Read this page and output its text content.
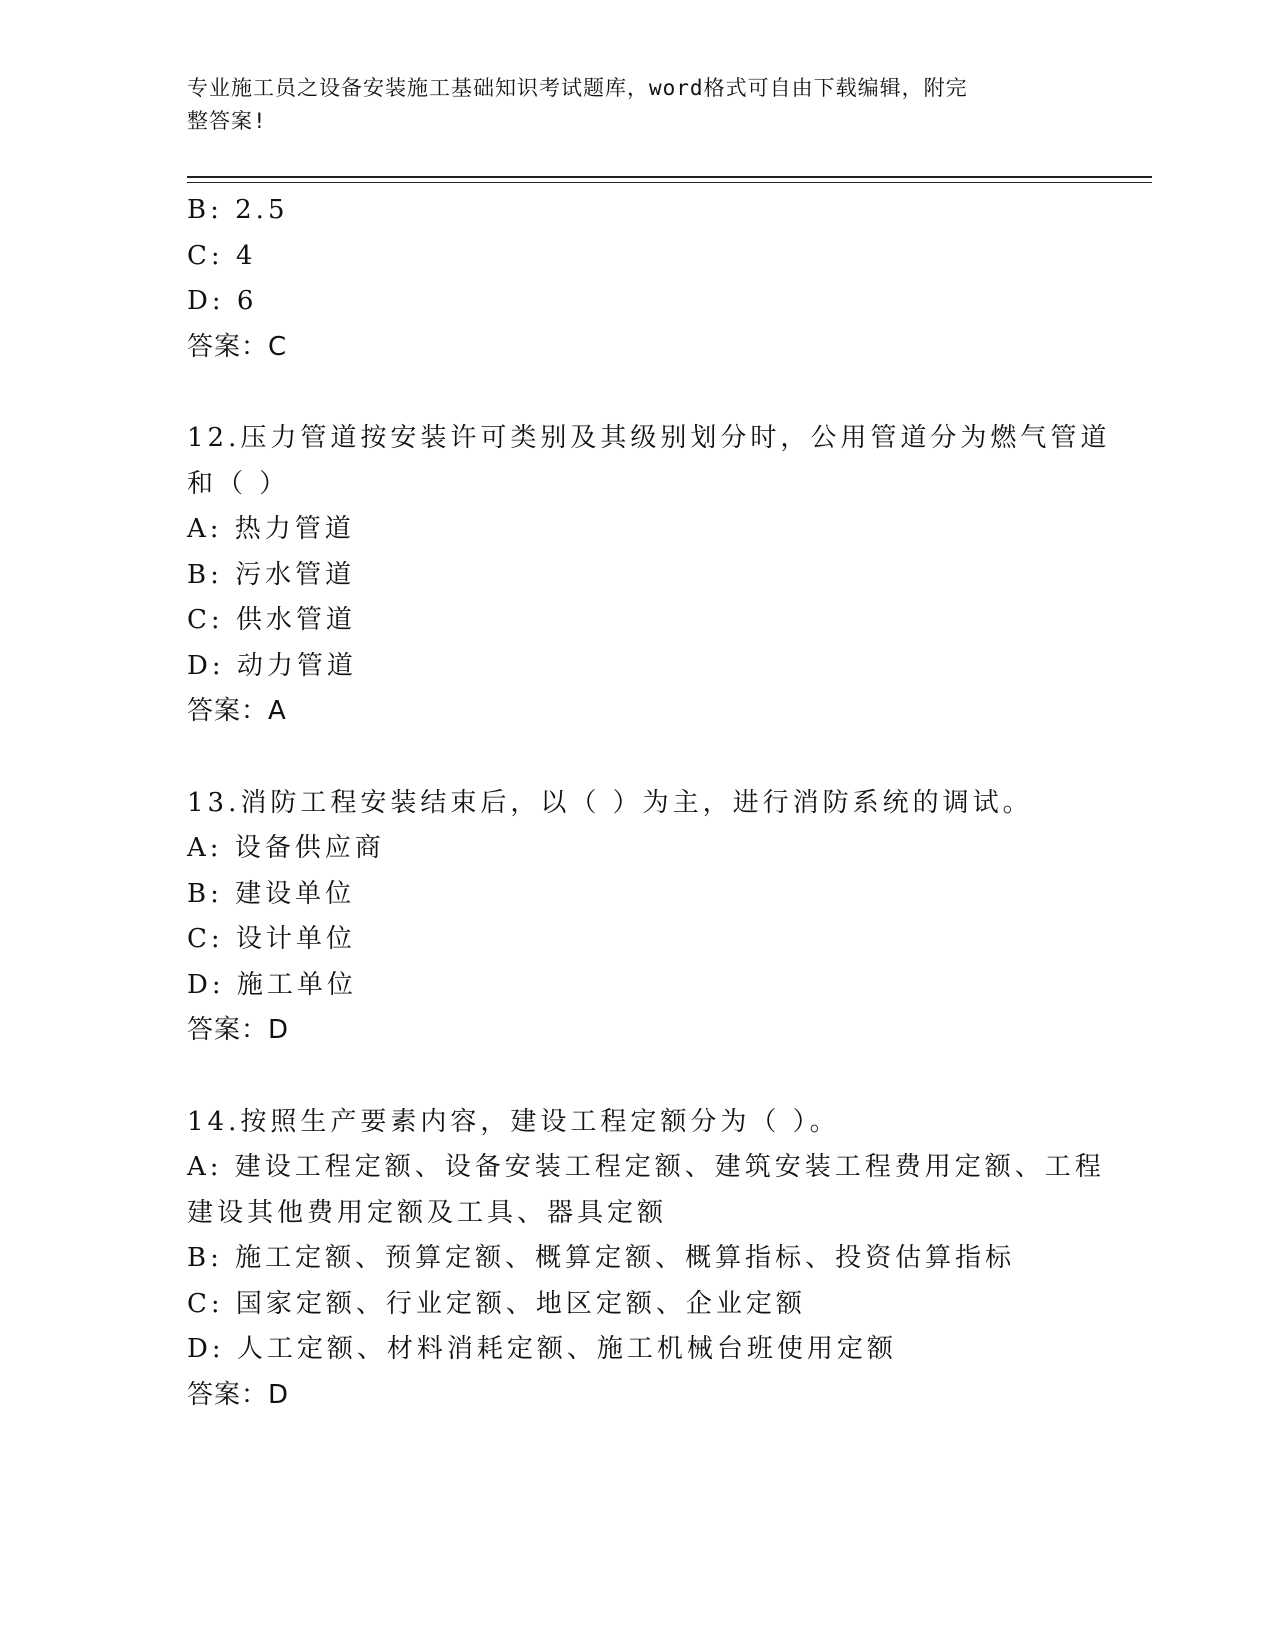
专业施工员之设备安装施工基础知识考试题库，word格式可自由下载编辑，附完
整答案!
B: 2.5
C: 4
D: 6
答案：C
12.压力管道按安装许可类别及其级别划分时，公用管道分为燃气管道
和（ ）
A: 热力管道
B: 污水管道
C: 供水管道
D: 动力管道
答案：A
13.消防工程安装结束后，以（ ）为主，进行消防系统的调试。
A: 设备供应商
B: 建设单位
C: 设计单位
D: 施工单位
答案：D
14.按照生产要素内容，建设工程定额分为（ ）。
A: 建设工程定额、设备安装工程定额、建筑安装工程费用定额、工程
建设其他费用定额及工具、器具定额
B: 施工定额、预算定额、概算定额、概算指标、投资估算指标
C: 国家定额、行业定额、地区定额、企业定额
D: 人工定额、材料消耗定额、施工机械台班使用定额
答案：D
